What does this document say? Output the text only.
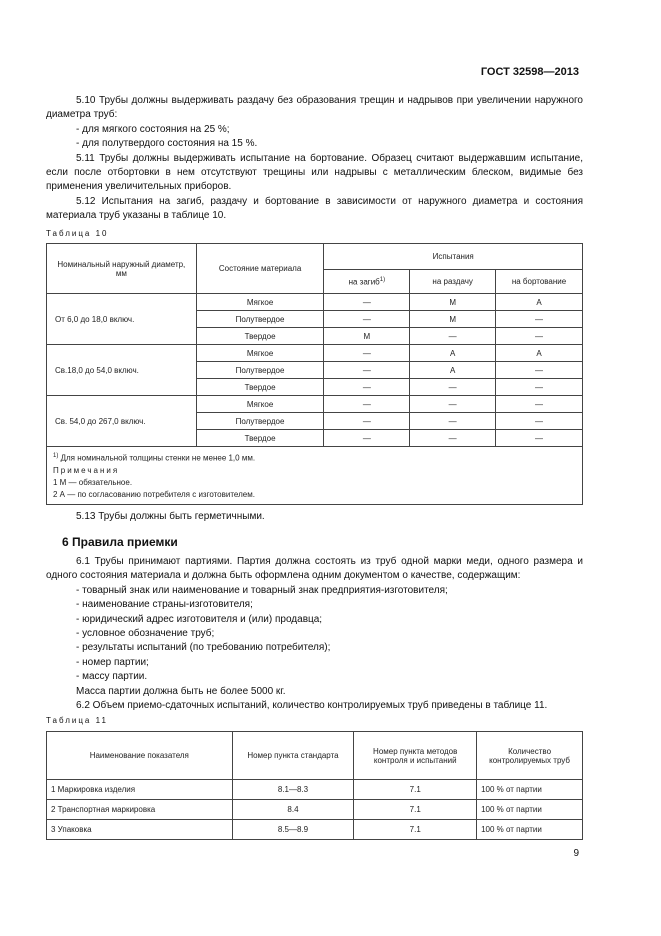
ГОСТ 32598—2013

5.10 Трубы должны выдерживать раздачу без образования трещин и надрывов при увеличении наружного диаметра труб:

- для мягкого состояния на 25 %;

- для полутвердого состояния на 15 %.

5.11 Трубы должны выдерживать испытание на бортование. Образец считают выдержавшим испытание, если после отбортовки в нем отсутствуют трещины или надрывы с металлическим блеском, видимые без применения увеличительных приборов.

5.12 Испытания на загиб, раздачу и бортование в зависимости от наружного диаметра и состояния материала труб указаны в таблице 10.

Таблица 10
Номинальный наружный диаметр, мм	Состояние материала	Испытания		
		на загиб$^{1)}$	на раздачу	на бортование
От 6,0 до 18,0 включ.	Мягкое	—	М	А
	Полутвердое	—	М	—
	Твердое	М	—	—
Св.18,0 до 54,0 включ.	Мягкое	—	А	А
	Полутвердое	—	А	—
	Твердое	—	—	—
Св. 54,0 до 267,0 включ.	Мягкое	—	—	—
	Полутвердое	—	—	—
	Твердое	—	—	—

$^{1)}$ Для номинальной толщины стенки не менее 1,0 мм.
Примечания
1 М — обязательное.
2 А — по согласованию потребителя с изготовителем.				

5.13 Трубы должны быть герметичными.

6 Правила приемки

6.1 Трубы принимают партиями. Партия должна состоять из труб одной марки меди, одного размера и одного состояния материала и должна быть оформлена одним документом о качестве, содержащим:

- товарный знак или наименование и товарный знак предприятия-изготовителя;

- наименование страны-изготовителя;

- юридический адрес изготовителя и (или) продавца;

- условное обозначение труб;

- результаты испытаний (по требованию потребителя);

- номер партии;

- массу партии.

Масса партии должна быть не более 5000 кг.

6.2 Объем приемо-сдаточных испытаний, количество контролируемых труб приведены в таблице 11.

Таблица 11
Наименование показателя	Номер пункта стандарта	Номер пункта методов контроля и испытаний	Количество контролируемых труб
1 Маркировка изделия	8.1—8.3	7.1	100 % от партии
2 Транспортная маркировка	8.4	7.1	100 % от партии
3 Упаковка	8.5—8.9	7.1	100 % от партии
9
